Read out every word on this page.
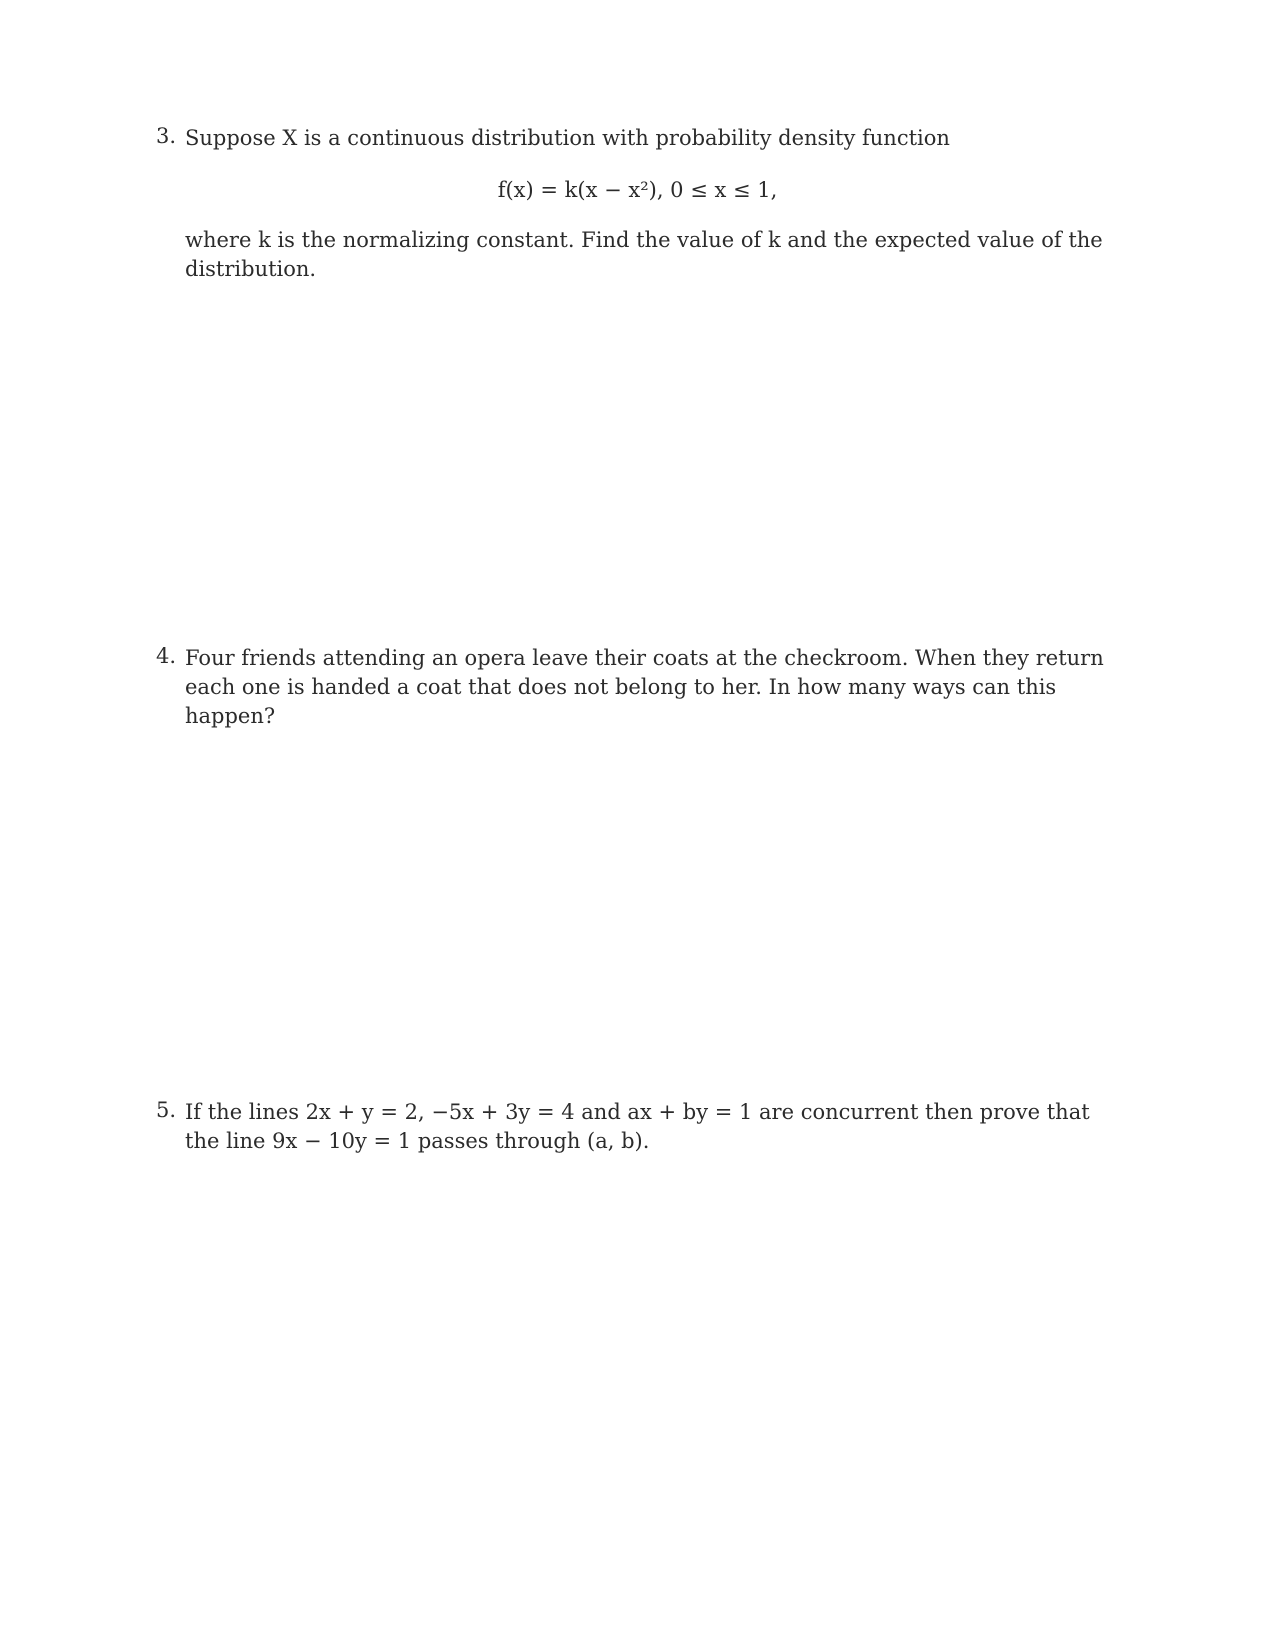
3. Suppose X is a continuous distribution with probability density function
f(x) = k(x − x²), 0 ≤ x ≤ 1,
where k is the normalizing constant. Find the value of k and the expected value of the distribution.
4. Four friends attending an opera leave their coats at the checkroom. When they return each one is handed a coat that does not belong to her. In how many ways can this happen?
5. If the lines 2x + y = 2, −5x + 3y = 4 and ax + by = 1 are concurrent then prove that the line 9x − 10y = 1 passes through (a, b).
